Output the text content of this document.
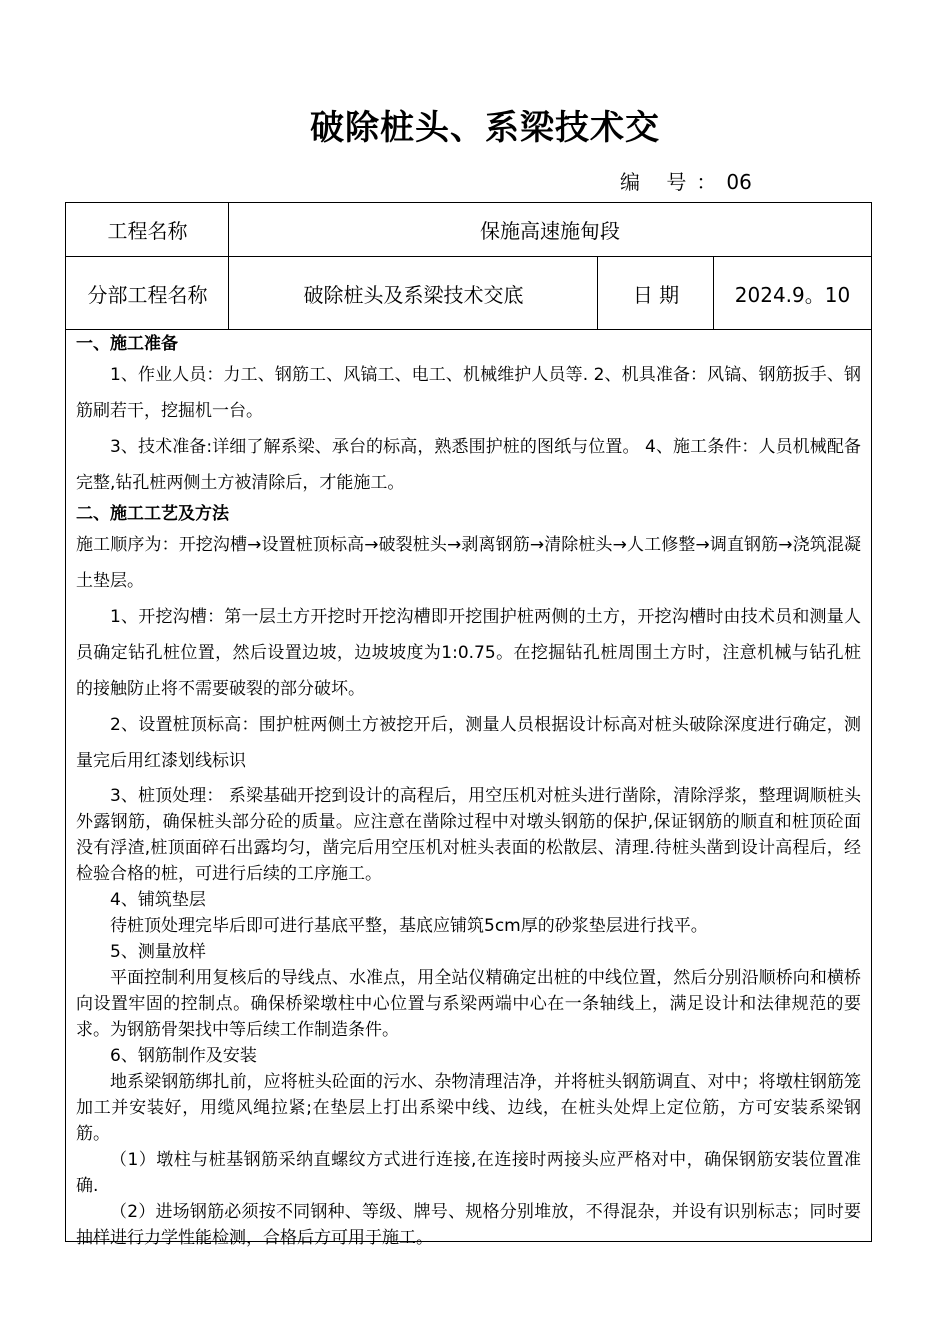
破除桩头、系梁技术交
编 号：06
工程名称	保施高速施甸段
分部工程名称	破除桩头及系梁技术交底	日 期	2024.9。10

一、施工准备

1、作业人员：力工、钢筋工、风镐工、电工、机械维护人员等. 2、机具准备：风镐、钢筋扳手、钢筋刷若干，挖掘机一台。

3、技术准备:详细了解系梁、承台的标高，熟悉围护桩的图纸与位置。 4、施工条件：人员机械配备完整,钻孔桩两侧土方被清除后，才能施工。

二、施工工艺及方法

施工顺序为：开挖沟槽→设置桩顶标高→破裂桩头→剥离钢筋→清除桩头→人工修整→调直钢筋→浇筑混凝土垫层。

1、开挖沟槽：第一层土方开挖时开挖沟槽即开挖围护桩两侧的土方，开挖沟槽时由技术员和测量人员确定钻孔桩位置，然后设置边坡，边坡坡度为1:0.75。在挖掘钻孔桩周围土方时，注意机械与钻孔桩的接触防止将不需要破裂的部分破坏。

2、设置桩顶标高：围护桩两侧土方被挖开后，测量人员根据设计标高对桩头破除深度进行确定，测量完后用红漆划线标识

3、桩顶处理： 系梁基础开挖到设计的高程后，用空压机对桩头进行凿除，清除浮浆，整理调顺桩头外露钢筋，确保桩头部分砼的质量。应注意在凿除过程中对墩头钢筋的保护,保证钢筋的顺直和桩顶砼面没有浮渣,桩顶面碎石出露均匀，凿完后用空压机对桩头表面的松散层、清理.待桩头凿到设计高程后，经检验合格的桩，可进行后续的工序施工。

4、铺筑垫层

待桩顶处理完毕后即可进行基底平整，基底应铺筑5cm厚的砂浆垫层进行找平。

5、测量放样

平面控制利用复核后的导线点、水准点，用全站仪精确定出桩的中线位置，然后分别沿顺桥向和横桥向设置牢固的控制点。确保桥梁墩柱中心位置与系梁两端中心在一条轴线上，满足设计和法律规范的要求。为钢筋骨架找中等后续工作制造条件。

6、钢筋制作及安装

地系梁钢筋绑扎前，应将桩头砼面的污水、杂物清理洁净，并将桩头钢筋调直、对中；将墩柱钢筋笼加工并安装好，用缆风绳拉紧;在垫层上打出系梁中线、边线，在桩头处焊上定位筋，方可安装系梁钢筋。

（1）墩柱与桩基钢筋采纳直螺纹方式进行连接,在连接时两接头应严格对中，确保钢筋安装位置准确.

（2）进场钢筋必须按不同钢种、等级、牌号、规格分别堆放，不得混杂，并设有识别标志；同时要抽样进行力学性能检测，合格后方可用于施工。
